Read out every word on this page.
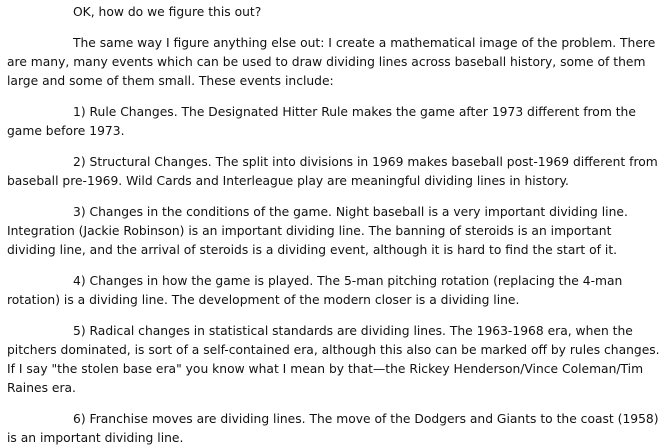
OK, how do we figure this out?

The same way I figure anything else out: I create a mathematical image of the problem. There are many, many events which can be used to draw dividing lines across baseball history, some of them large and some of them small. These events include:

1) Rule Changes. The Designated Hitter Rule makes the game after 1973 different from the game before 1973.

2) Structural Changes. The split into divisions in 1969 makes baseball post-1969 different from baseball pre-1969. Wild Cards and Interleague play are meaningful dividing lines in history.

3) Changes in the conditions of the game. Night baseball is a very important dividing line. Integration (Jackie Robinson) is an important dividing line. The banning of steroids is an important dividing line, and the arrival of steroids is a dividing event, although it is hard to find the start of it.

4) Changes in how the game is played. The 5-man pitching rotation (replacing the 4-man rotation) is a dividing line. The development of the modern closer is a dividing line.

5) Radical changes in statistical standards are dividing lines. The 1963-1968 era, when the pitchers dominated, is sort of a self-contained era, although this also can be marked off by rules changes. If I say "the stolen base era" you know what I mean by that—the Rickey Henderson/Vince Coleman/Tim Raines era.

6) Franchise moves are dividing lines. The move of the Dodgers and Giants to the coast (1958) is an important dividing line.
